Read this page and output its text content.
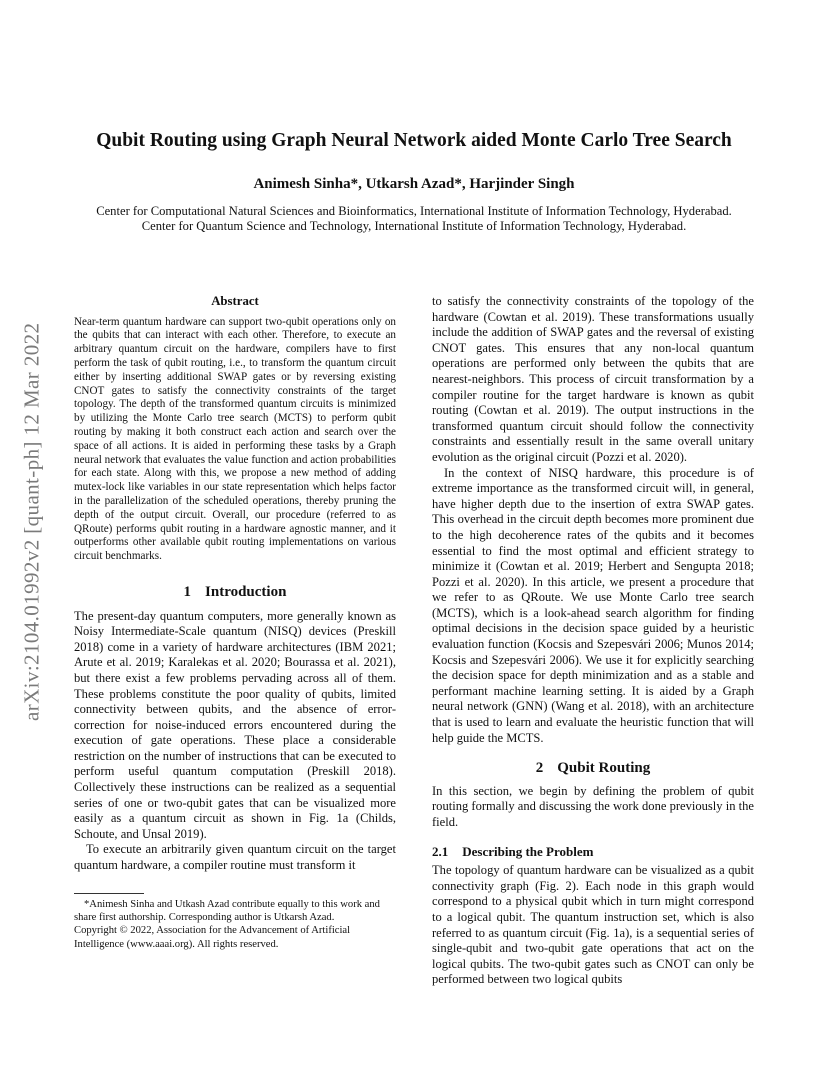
arXiv:2104.01992v2 [quant-ph] 12 Mar 2022
Qubit Routing using Graph Neural Network aided Monte Carlo Tree Search
Animesh Sinha*, Utkarsh Azad*, Harjinder Singh
Center for Computational Natural Sciences and Bioinformatics, International Institute of Information Technology, Hyderabad.
Center for Quantum Science and Technology, International Institute of Information Technology, Hyderabad.
Abstract

Near-term quantum hardware can support two-qubit operations only on the qubits that can interact with each other. Therefore, to execute an arbitrary quantum circuit on the hardware, compilers have to first perform the task of qubit routing, i.e., to transform the quantum circuit either by inserting additional SWAP gates or by reversing existing CNOT gates to satisfy the connectivity constraints of the target topology. The depth of the transformed quantum circuits is minimized by utilizing the Monte Carlo tree search (MCTS) to perform qubit routing by making it both construct each action and search over the space of all actions. It is aided in performing these tasks by a Graph neural network that evaluates the value function and action probabilities for each state. Along with this, we propose a new method of adding mutex-lock like variables in our state representation which helps factor in the parallelization of the scheduled operations, thereby pruning the depth of the output circuit. Overall, our procedure (referred to as QRoute) performs qubit routing in a hardware agnostic manner, and it outperforms other available qubit routing implementations on various circuit benchmarks.

1 Introduction

The present-day quantum computers, more generally known as Noisy Intermediate-Scale quantum (NISQ) devices (Preskill 2018) come in a variety of hardware architectures (IBM 2021; Arute et al. 2019; Karalekas et al. 2020; Bourassa et al. 2021), but there exist a few problems pervading across all of them. These problems constitute the poor quality of qubits, limited connectivity between qubits, and the absence of error-correction for noise-induced errors encountered during the execution of gate operations. These place a considerable restriction on the number of instructions that can be executed to perform useful quantum computation (Preskill 2018). Collectively these instructions can be realized as a sequential series of one or two-qubit gates that can be visualized more easily as a quantum circuit as shown in Fig. 1a (Childs, Schoute, and Unsal 2019).

To execute an arbitrarily given quantum circuit on the target quantum hardware, a compiler routine must transform it

to satisfy the connectivity constraints of the topology of the hardware (Cowtan et al. 2019). These transformations usually include the addition of SWAP gates and the reversal of existing CNOT gates. This ensures that any non-local quantum operations are performed only between the qubits that are nearest-neighbors. This process of circuit transformation by a compiler routine for the target hardware is known as qubit routing (Cowtan et al. 2019). The output instructions in the transformed quantum circuit should follow the connectivity constraints and essentially result in the same overall unitary evolution as the original circuit (Pozzi et al. 2020).

In the context of NISQ hardware, this procedure is of extreme importance as the transformed circuit will, in general, have higher depth due to the insertion of extra SWAP gates. This overhead in the circuit depth becomes more prominent due to the high decoherence rates of the qubits and it becomes essential to find the most optimal and efficient strategy to minimize it (Cowtan et al. 2019; Herbert and Sengupta 2018; Pozzi et al. 2020). In this article, we present a procedure that we refer to as QRoute. We use Monte Carlo tree search (MCTS), which is a look-ahead search algorithm for finding optimal decisions in the decision space guided by a heuristic evaluation function (Kocsis and Szepesvári 2006; Munos 2014; Kocsis and Szepesvári 2006). We use it for explicitly searching the decision space for depth minimization and as a stable and performant machine learning setting. It is aided by a Graph neural network (GNN) (Wang et al. 2018), with an architecture that is used to learn and evaluate the heuristic function that will help guide the MCTS.

2 Qubit Routing

In this section, we begin by defining the problem of qubit routing formally and discussing the work done previously in the field.

2.1 Describing the Problem

The topology of quantum hardware can be visualized as a qubit connectivity graph (Fig. 2). Each node in this graph would correspond to a physical qubit which in turn might correspond to a logical qubit. The quantum instruction set, which is also referred to as quantum circuit (Fig. 1a), is a sequential series of single-qubit and two-qubit gate operations that act on the logical qubits. The two-qubit gates such as CNOT can only be performed between two logical qubits

*Animesh Sinha and Utkash Azad contribute equally to this work and share first authorship. Corresponding author is Utkarsh Azad.
Copyright © 2022, Association for the Advancement of Artificial Intelligence (www.aaai.org). All rights reserved.
